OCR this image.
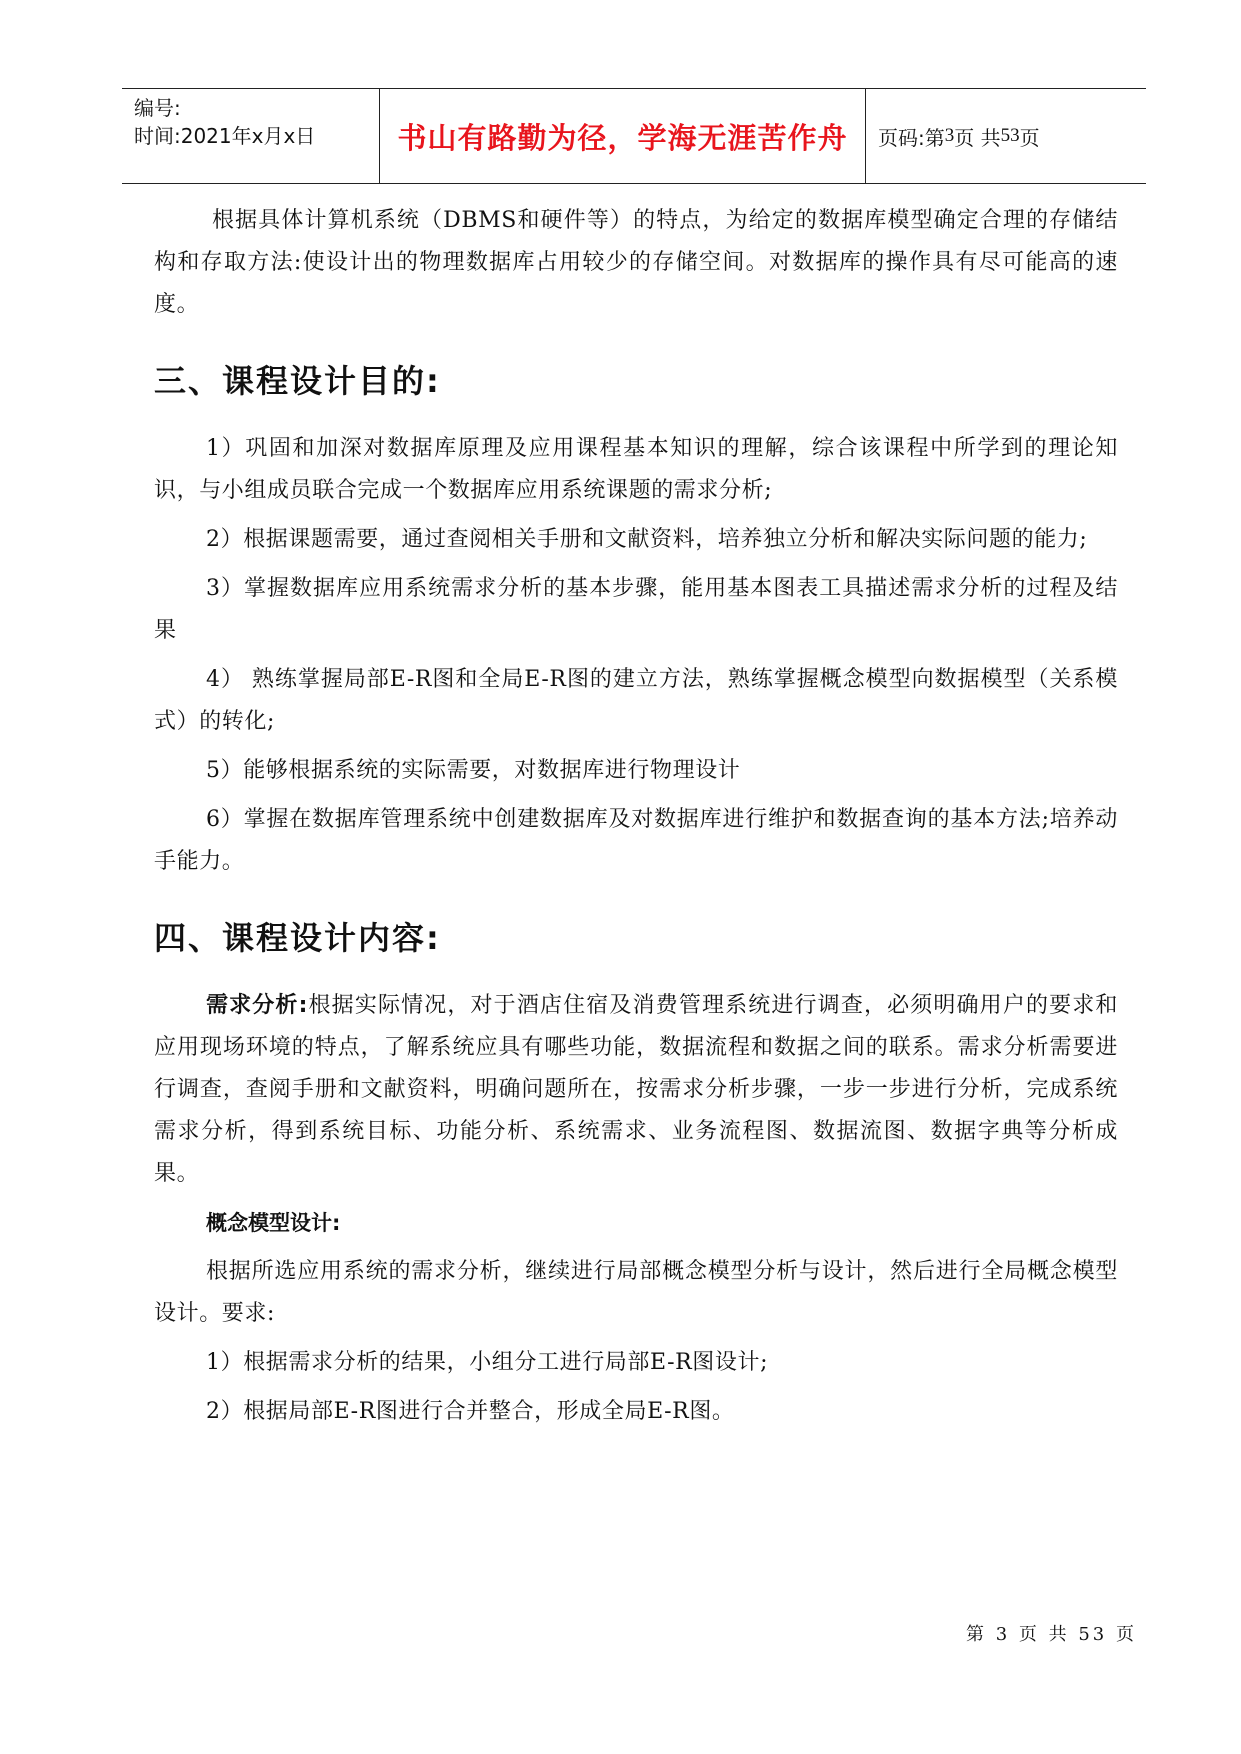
编号:
时间:2021年x月x日	书山有路勤为径，学海无涯苦作舟	页码:第 3 页 共 53 页

根据具体计算机系统（DBMS和硬件等）的特点，为给定的数据库模型确定合理的存储结构和存取方法:使设计出的物理数据库占用较少的存储空间。对数据库的操作具有尽可能高的速度。

三、课程设计目的:

1）巩固和加深对数据库原理及应用课程基本知识的理解，综合该课程中所学到的理论知识，与小组成员联合完成一个数据库应用系统课题的需求分析;

2）根据课题需要，通过查阅相关手册和文献资料，培养独立分析和解决实际问题的能力;

3）掌握数据库应用系统需求分析的基本步骤，能用基本图表工具描述需求分析的过程及结果

4） 熟练掌握局部E-R图和全局E-R图的建立方法，熟练掌握概念模型向数据模型（关系模式）的转化;

5）能够根据系统的实际需要，对数据库进行物理设计

6）掌握在数据库管理系统中创建数据库及对数据库进行维护和数据查询的基本方法;培养动手能力。

四、课程设计内容:

需求分析:根据实际情况，对于酒店住宿及消费管理系统进行调查，必须明确用户的要求和应用现场环境的特点，了解系统应具有哪些功能，数据流程和数据之间的联系。需求分析需要进行调查，查阅手册和文献资料，明确问题所在，按需求分析步骤，一步一步进行分析，完成系统需求分析，得到系统目标、功能分析、系统需求、业务流程图、数据流图、数据字典等分析成果。

概念模型设计:

根据所选应用系统的需求分析，继续进行局部概念模型分析与设计，然后进行全局概念模型设计。要求:

1）根据需求分析的结果，小组分工进行局部E-R图设计;

2）根据局部E-R图进行合并整合，形成全局E-R图。

第 3 页 共 53 页
